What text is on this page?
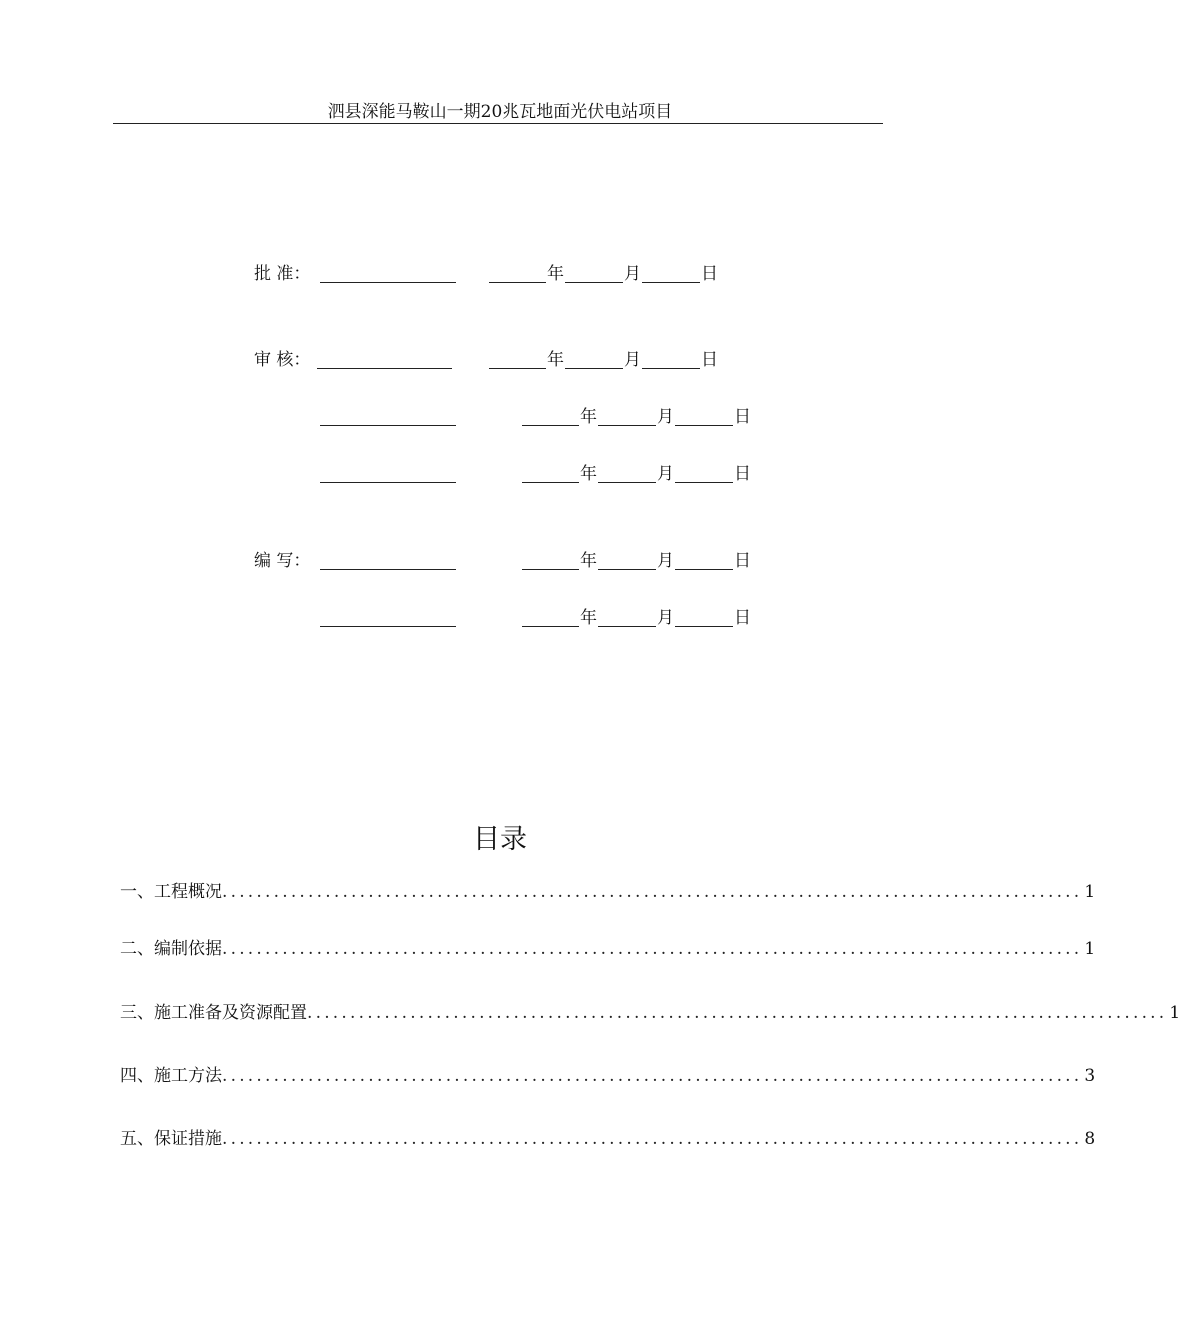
泗县深能马鞍山一期20兆瓦地面光伏电站项目
批 准：	年	月	日
审 核：	年	月	日
年	月	日
年	月	日
编 写：	年	月	日
年	月	日
目录
一、工程概况 .................................................................................................... 1
二、编制依据 .................................................................................................... 1
三、施工准备及资源配置 .................................................................................................... 1
四、施工方法 .................................................................................................... 3
五、保证措施 .................................................................................................... 8
